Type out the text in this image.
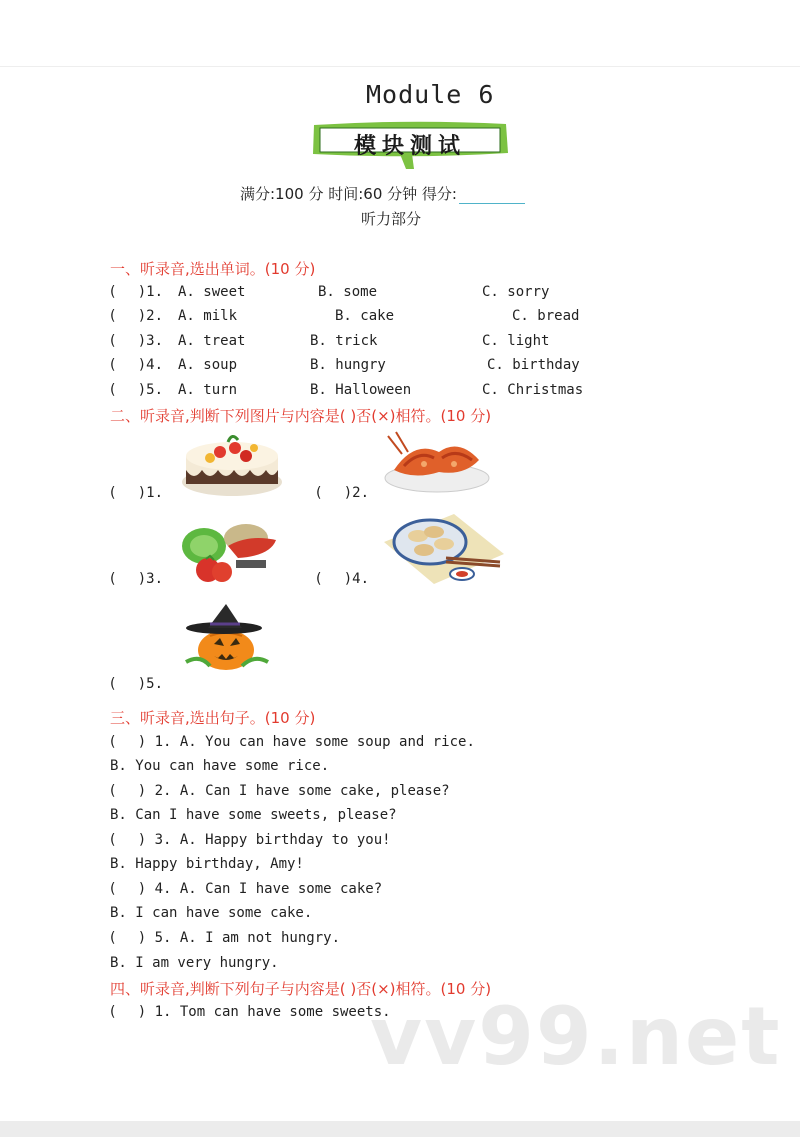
Module 6
模块测试
满分:100 分 时间:60 分钟 得分:
听力部分
一、听录音,选出单词。(10 分)
(     )1. A. sweet	B. some	C. sorry
(     )2. A. milk	B. cake	C. bread
(     )3. A. treat	B. trick	C. light
(     )4. A. soup	B. hungry	C. birthday
(     )5. A. turn	B. Halloween	C. Christmas
二、听录音,判断下列图片与内容是( )否(×)相符。(10 分)
(     )1.	(     )2.
(     )3.	(     )4.
(     )5.
三、听录音,选出句子。(10 分)
(     ) 1. A. You can have some soup and rice.
B. You can have some rice.
(     ) 2. A. Can I have some cake, please?
B. Can I have some sweets, please?
(     ) 3. A. Happy birthday to you!
B. Happy birthday, Amy!
(     ) 4. A. Can I have some cake?
B. I can have some cake.
(     ) 5. A. I am not hungry.
B. I am very hungry.
四、听录音,判断下列句子与内容是( )否(×)相符。(10 分)
(     ) 1. Tom can have some sweets.
vv99.net
